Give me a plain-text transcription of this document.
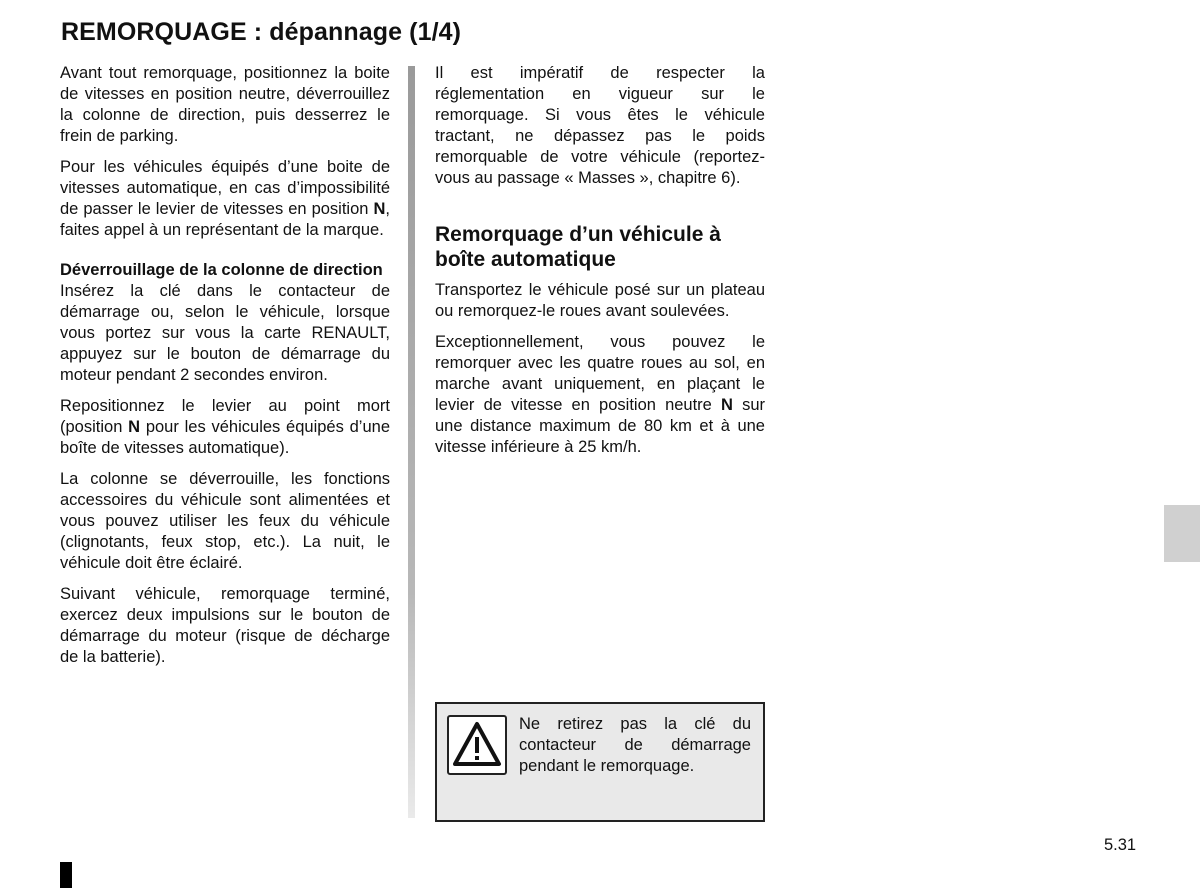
REMORQUAGE : dépannage (1/4)

Avant tout remorquage, positionnez la boite de vitesses en position neutre, déverrouillez la colonne de direction, puis desserrez le frein de parking.

Pour les véhicules équipés d’une boite de vitesses automatique, en cas d’impossibilité de passer le levier de vitesses en position N, faites appel à un représentant de la marque.

Déverrouillage de la colonne de direction

Insérez la clé dans le contacteur de démarrage ou, selon le véhicule, lorsque vous portez sur vous la carte RENAULT, appuyez sur le bouton de démarrage du moteur pendant 2 secondes environ.

Repositionnez le levier au point mort (position N pour les véhicules équipés d’une boîte de vitesses automatique).

La colonne se déverrouille, les fonctions accessoires du véhicule sont alimentées et vous pouvez utiliser les feux du véhicule (clignotants, feux stop, etc.). La nuit, le véhicule doit être éclairé.

Suivant véhicule, remorquage terminé, exercez deux impulsions sur le bouton de démarrage du moteur (risque de décharge de la batterie).

Il est impératif de respecter la réglementation en vigueur sur le remorquage. Si vous êtes le véhicule tractant, ne dépassez pas le poids remorquable de votre véhicule (reportez-vous au passage « Masses », chapitre 6).

Remorquage d’un véhicule à boîte automatique

Transportez le véhicule posé sur un plateau ou remorquez-le roues avant soulevées.

Exceptionnellement, vous pouvez le remorquer avec les quatre roues au sol, en marche avant uniquement, en plaçant le levier de vitesse en position neutre N sur une distance maximum de 80 km et à une vitesse inférieure à 25 km/h.

Ne retirez pas la clé du contacteur de démarrage pendant le remorquage.

5.31
